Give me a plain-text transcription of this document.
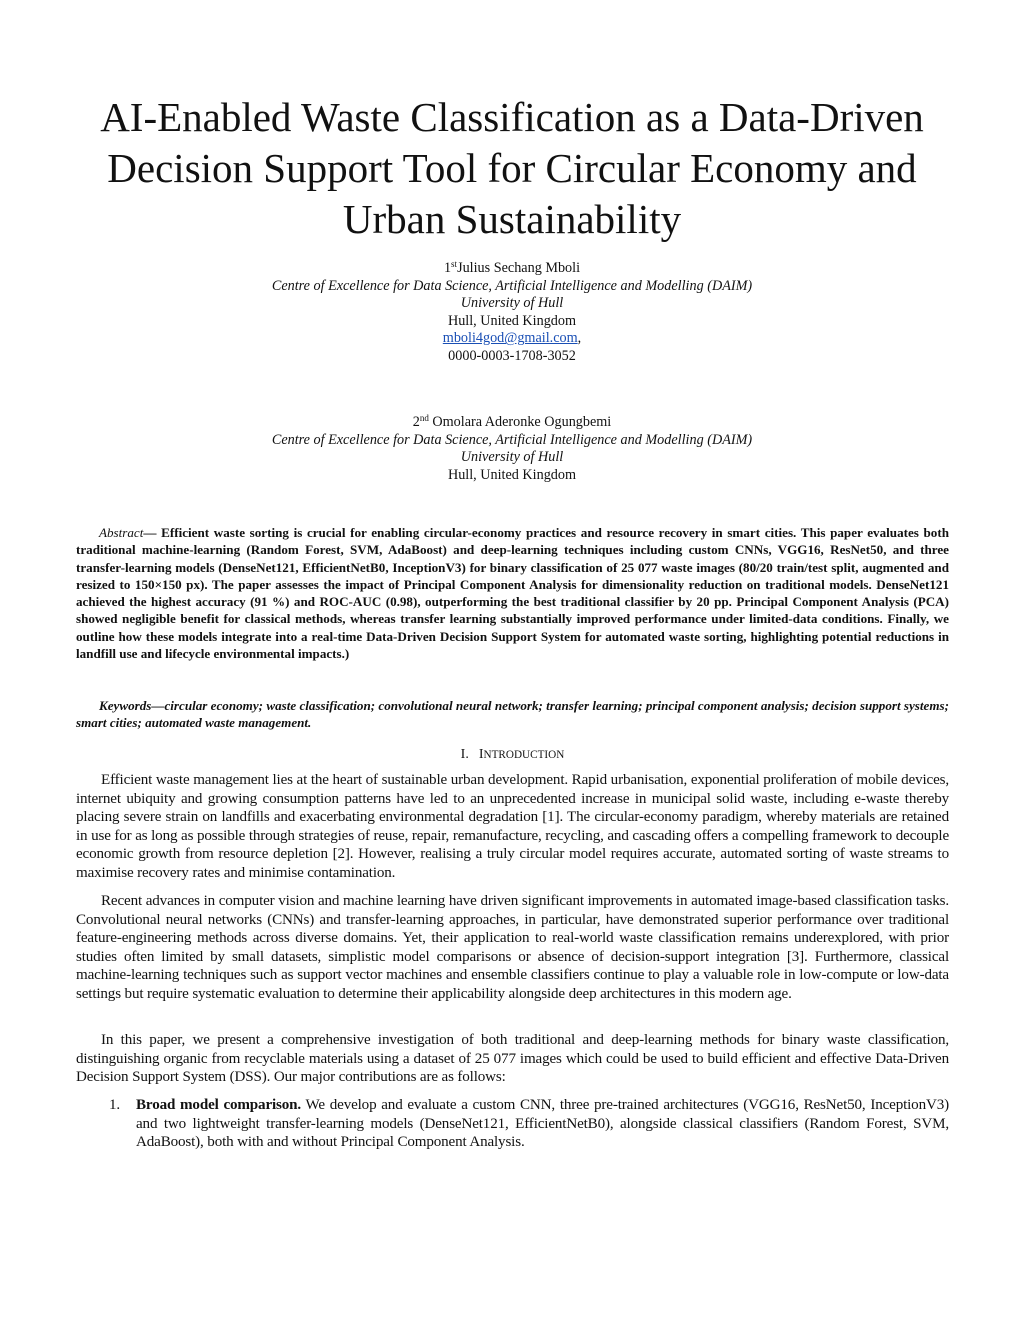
AI-Enabled Waste Classification as a Data-Driven Decision Support Tool for Circular Economy and Urban Sustainability
1stJulius Sechang Mboli
Centre of Excellence for Data Science, Artificial Intelligence and Modelling (DAIM)
University of Hull
Hull, United Kingdom
mboli4god@gmail.com,
0000-0003-1708-3052
2nd Omolara Aderonke Ogungbemi
Centre of Excellence for Data Science, Artificial Intelligence and Modelling (DAIM)
University of Hull
Hull, United Kingdom

Abstract— Efficient waste sorting is crucial for enabling circular-economy practices and resource recovery in smart cities. This paper evaluates both traditional machine-learning (Random Forest, SVM, AdaBoost) and deep-learning techniques including custom CNNs, VGG16, ResNet50, and three transfer-learning models (DenseNet121, EfficientNetB0, InceptionV3) for binary classification of 25 077 waste images (80/20 train/test split, augmented and resized to 150×150 px). The paper assesses the impact of Principal Component Analysis for dimensionality reduction on traditional models. DenseNet121 achieved the highest accuracy (91 %) and ROC-AUC (0.98), outperforming the best traditional classifier by 20 pp. Principal Component Analysis (PCA) showed negligible benefit for classical methods, whereas transfer learning substantially improved performance under limited-data conditions. Finally, we outline how these models integrate into a real-time Data-Driven Decision Support System for automated waste sorting, highlighting potential reductions in landfill use and lifecycle environmental impacts.)

Keywords—circular economy; waste classification; convolutional neural network; transfer learning; principal component analysis; decision support systems; smart cities; automated waste management.

I. INTRODUCTION

Efficient waste management lies at the heart of sustainable urban development. Rapid urbanisation, exponential proliferation of mobile devices, internet ubiquity and growing consumption patterns have led to an unprecedented increase in municipal solid waste, including e-waste thereby placing severe strain on landfills and exacerbating environmental degradation [1]. The circular-economy paradigm, whereby materials are retained in use for as long as possible through strategies of reuse, repair, remanufacture, recycling, and cascading offers a compelling framework to decouple economic growth from resource depletion [2]. However, realising a truly circular model requires accurate, automated sorting of waste streams to maximise recovery rates and minimise contamination.

Recent advances in computer vision and machine learning have driven significant improvements in automated image-based classification tasks. Convolutional neural networks (CNNs) and transfer-learning approaches, in particular, have demonstrated superior performance over traditional feature-engineering methods across diverse domains. Yet, their application to real-world waste classification remains underexplored, with prior studies often limited by small datasets, simplistic model comparisons or absence of decision-support integration [3]. Furthermore, classical machine-learning techniques such as support vector machines and ensemble classifiers continue to play a valuable role in low-compute or low-data settings but require systematic evaluation to determine their applicability alongside deep architectures in this modern age.

In this paper, we present a comprehensive investigation of both traditional and deep-learning methods for binary waste classification, distinguishing organic from recyclable materials using a dataset of 25 077 images which could be used to build efficient and effective Data-Driven Decision Support System (DSS). Our major contributions are as follows:

1. Broad model comparison. We develop and evaluate a custom CNN, three pre-trained architectures (VGG16, ResNet50, InceptionV3) and two lightweight transfer-learning models (DenseNet121, EfficientNetB0), alongside classical classifiers (Random Forest, SVM, AdaBoost), both with and without Principal Component Analysis.
